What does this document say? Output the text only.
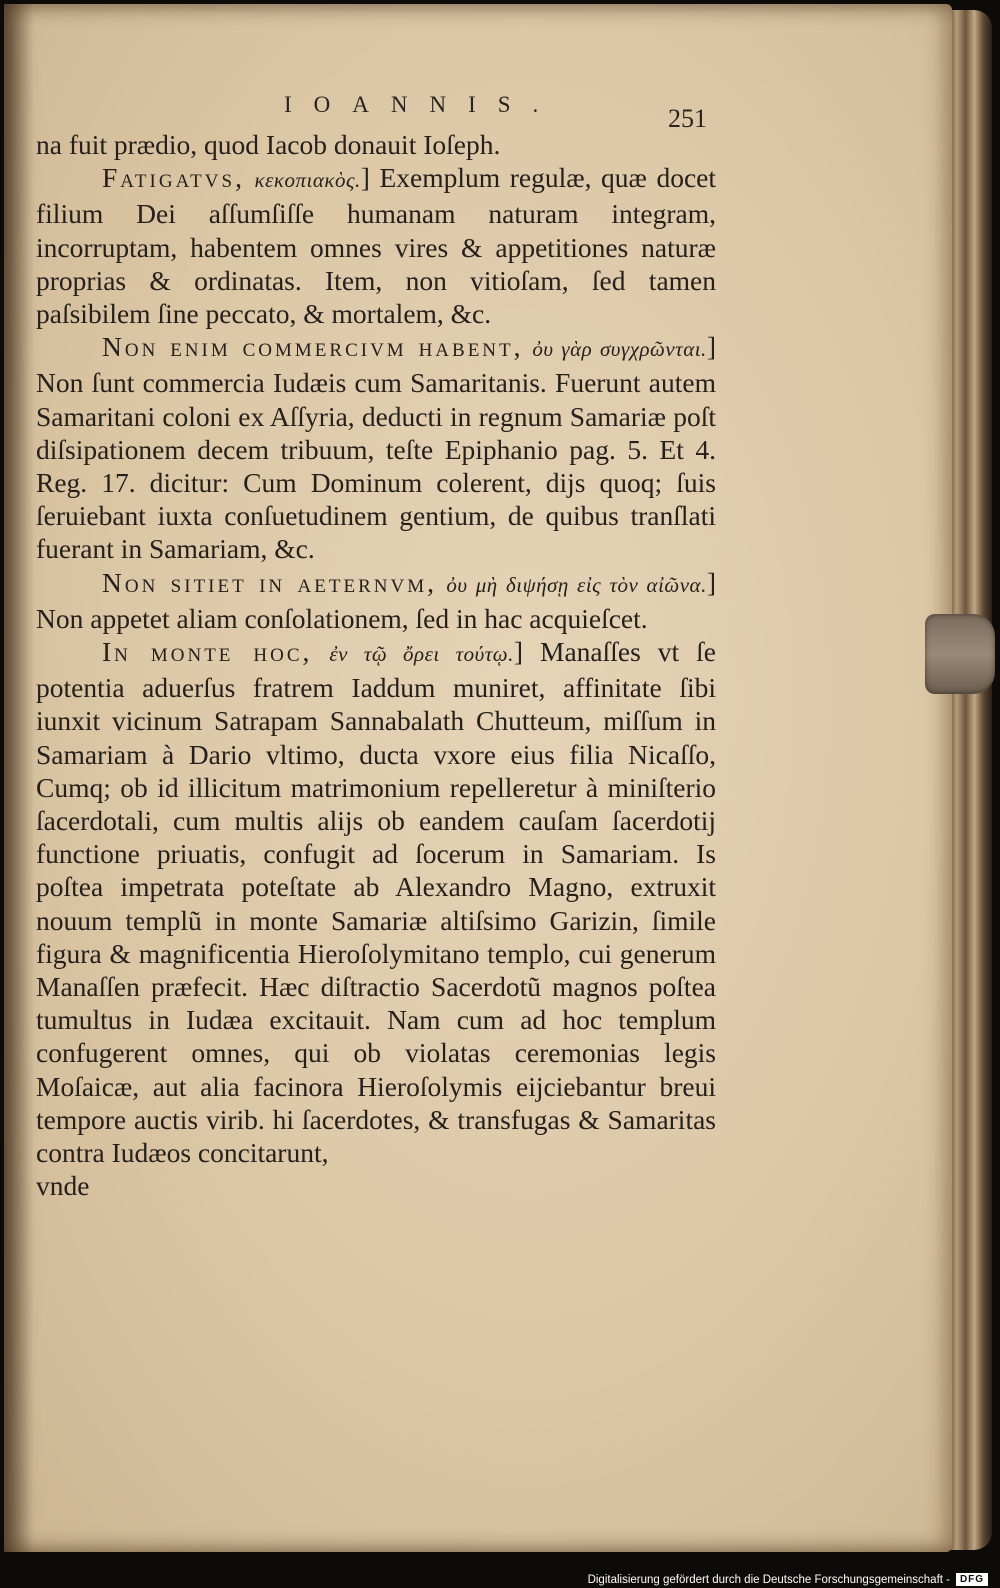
IOANNIS.	251

na fuit prædio, quod Iacob donauit Ioſeph.

Fatigatvs, κεκοπιακὸς.] Exemplum regulæ, quæ docet filium Dei aſſumſiſſe humanam naturam integram, incorruptam, habentem omnes vires & appetitiones naturæ proprias & ordinatas. Item, non vitioſam, ſed tamen paſsibilem ſine peccato, & mortalem, &c.

Non enim commercivm habent, ὀυ γὰρ συγχρῶνται.] Non ſunt commercia Iudæis cum Samaritanis. Fuerunt autem Samaritani coloni ex Aſſyria, deducti in regnum Samariæ poſt diſsipationem decem tribuum, teſte Epiphanio pag. 5. Et 4. Reg. 17. dicitur: Cum Dominum colerent, dijs quoq; ſuis ſeruiebant iuxta conſuetudinem gentium, de quibus tranſlati fuerant in Samariam, &c.

Non sitiet in aeternvm, ὀυ μὴ διψήσῃ εἰς τὸν αἰῶνα.] Non appetet aliam conſolationem, ſed in hac acquieſcet.

In monte hoc, ἐν τῷ ὄρει τούτῳ.] Manaſſes vt ſe potentia aduerſus fratrem Iaddum muniret, affinitate ſibi iunxit vicinum Satrapam Sannabalath Chutteum, miſſum in Samariam à Dario vltimo, ducta vxore eius filia Nicaſſo, Cumq; ob id illicitum matrimonium repelleretur à miniſterio ſacerdotali, cum multis alijs ob eandem cauſam ſacerdotij functione priuatis, confugit ad ſocerum in Samariam. Is poſtea impetrata poteſtate ab Alexandro Magno, extruxit nouum templũ in monte Samariæ altiſsimo Garizin, ſimile figura & magnificentia Hieroſolymitano templo, cui generum Manaſſen præfecit. Hæc diſtractio Sacerdotũ magnos poſtea tumultus in Iudæa excitauit. Nam cum ad hoc templum confugerent omnes, qui ob violatas ceremonias legis Moſaicæ, aut alia facinora Hieroſolymis eijciebantur breui tempore auctis virib. hi ſacerdotes, & transfugas & Samaritas contra Iudæos concitarunt,

vnde

Digitalisierung gefördert durch die Deutsche Forschungsgemeinschaft - DFG
